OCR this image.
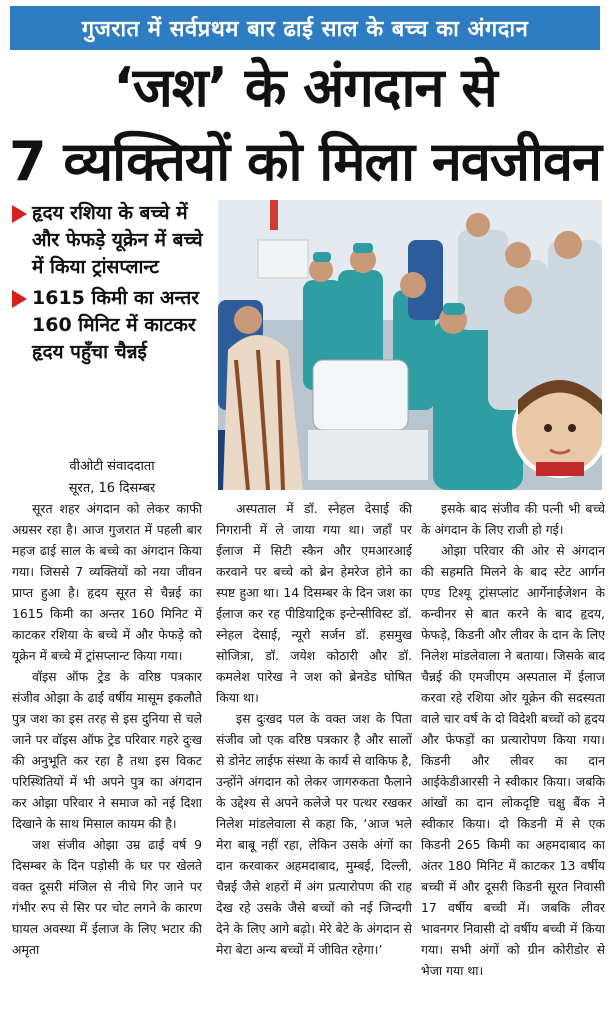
गुजरात में सर्वप्रथम बार ढाई साल के बच्च का अंगदान
‘जश’ के अंगदान से
7 व्यक्तियों को मिला नवजीवन
हृदय रशिया के बच्चे में और फेफड़े यूक्रेन में बच्चे में किया ट्रांसप्लान्ट
1615 किमी का अन्तर 160 मिनिट में काटकर हृदय पहुँचा चैन्नई
वीओटी संवाददाता
सूरत, 16 दिसम्बर

सूरत शहर अंगदान को लेकर काफी अग्रसर रहा है। आज गुजरात में पहली बार महज ढाई साल के बच्चे का अंगदान किया गया। जिससे 7 व्यक्तियों को नया जीवन प्राप्त हुआ है। हृदय सूरत से चैन्नई का 1615 किमी का अन्तर 160 मिनिट में काटकर रशिया के बच्चे में और फेफड़े को यूक्रेन में बच्चे में ट्रांसप्लान्ट किया गया।

वॉइस ऑफ ट्रेड के वरिष्ठ पत्रकार संजीव ओझा के ढाई वर्षीय मासूम इकलौते पुत्र जश का इस तरह से इस दुनिया से चले जाने पर वॉइस ऑफ ट्रेड परिवार गहरे दुःख की अनुभूति कर रहा है तथा इस विकट परिस्थितियों में भी अपने पुत्र का अंगदान कर ओझा परिवार ने समाज को नई दिशा दिखाने के साथ मिसाल कायम की है।

जश संजीव ओझा उम्र ढाई वर्ष 9 दिसम्बर के दिन पड़ोसी के घर पर खेलते वक्त दूसरी मंजिल से नीचे गिर जाने पर गंभीर रुप से सिर पर चोट लगने के कारण घायल अवस्था में ईलाज के लिए भटार की अमृता

अस्पताल में डॉ. स्नेहल देसाई की निगरानी में ले जाया गया था। जहाँ पर ईलाज में सिटी स्कैन और एमआरआई करवाने पर बच्चे को ब्रेन हेमरेज होने का स्पष्ट हुआ था। 14 दिसम्बर के दिन जश का ईलाज कर रह पीडियाट्रिक इन्टेन्सीविस्ट डॉ. स्नेहल देसाई, न्यूरो सर्जन डॉ. हसमुख सोजित्रा, डॉ. जयेश कोठारी और डॉ. कमलेश पारेख ने जश को ब्रेनडेड घोषित किया था।

इस दुःखद पल के वक्त जश के पिता संजीव जो एक वरिष्ठ पत्रकार है और सालों से डोनेट लाईफ संस्था के कार्य से वाकिफ है, उन्होंने अंगदान को लेकर जागरुकता फैलाने के उद्देश्य से अपने कलेजे पर पत्थर रखकर निलेश मांडलेवाला से कहा कि, ‘आज भले मेरा बाबू नहीं रहा, लेकिन उसके अंगों का दान करवाकर अहमदाबाद, मुम्बई, दिल्ली, चैन्नई जैसे शहरों में अंग प्रत्यारोपण की राह देख रहे उसके जैसे बच्चों को नई जिन्दगी देने के लिए आगे बढ़ो। मेरे बेटे के अंगदान से मेरा बेटा अन्य बच्चों में जीवित रहेगा।’

इसके बाद संजीव की पत्नी भी बच्चे के अंगदान के लिए राजी हो गई।

ओझा परिवार की ओर से अंगदान की सहमति मिलने के बाद स्टेट आर्गन एण्ड टिश्यू ट्रांसप्लांट आर्गेनाईजेशन के कन्वीनर से बात करने के बाद हृदय, फेफड़े, किडनी और लीवर के दान के लिए निलेश मांडलेवाला ने बताया। जिसके बाद चैन्नई की एमजीएम अस्पताल में ईलाज करवा रहे रशिया ओर यूक्रेन की सदस्यता वाले चार वर्ष के दो विदेशी बच्चों को हृदय और फेफड़ों का प्रत्यारोपण किया गया। किडनी और लीवर का दान आईकेडीआरसी ने स्वीकार किया। जबकि आंखों का दान लोकदृष्टि चक्षु बैंक ने स्वीकार किया। दो किडनी में से एक किडनी 265 किमी का अहमदाबाद का अंतर 180 मिनिट में काटकर 13 वर्षीय बच्ची में और दूसरी किडनी सूरत निवासी 17 वर्षीय बच्ची में। जबकि लीवर भावनगर निवासी दो वर्षीय बच्ची में किया गया। सभी अंगों को ग्रीन कोरीडोर से भेजा गया था।
